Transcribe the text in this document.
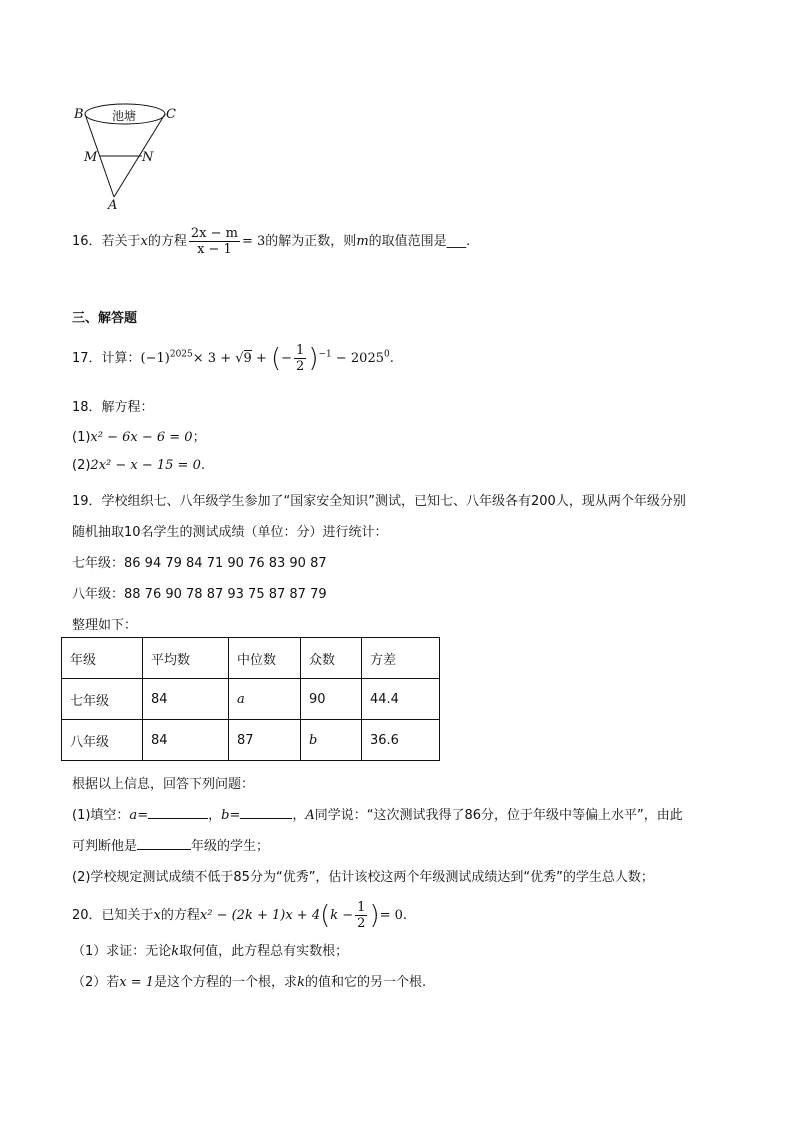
池塘
B	C
M	N
A
16．若关于x的方程 $\frac{2x - m}{x - 1} = 3$的解为正数，则m的取值范围是___.
三、解答题
17．计算：$(-1)^{2025}\times 3 + √9$ + (− $\frac{1}{2} )^{-1} - 2025^0$.
18．解方程：
(1)x² − 6x − 6 = 0；
(2)2x² − x − 15 = 0.
19．学校组织七、八年级学生参加了“国家安全知识”测试，已知七、八年级各有200人，现从两个年级分别
随机抽取10名学生的测试成绩（单位：分）进行统计：
七年级：86 94 79 84 71 90 76 83 90 87
八年级：88 76 90 78 87 93 75 87 87 79
整理如下：
年级	平均数	中位数	众数	方差
七年级	84	a	90	44.4
八年级	84	87	b	36.6
根据以上信息，回答下列问题：
(1)填空：a=	，b=	，A同学说：“这次测试我得了86分，位于年级中等偏上水平”，由此
可判断他是	年级的学生；
(2)学校规定测试成绩不低于85分为“优秀”，估计该校这两个年级测试成绩达到“优秀”的学生总人数；
20．已知关于x的方程$x^2 - (2k + 1)x + 4(k - \frac{1}{2}$ )= 0.
（1）求证：无论k取何值，此方程总有实数根；
（2）若x = 1是这个方程的一个根，求k的值和它的另一个根.
